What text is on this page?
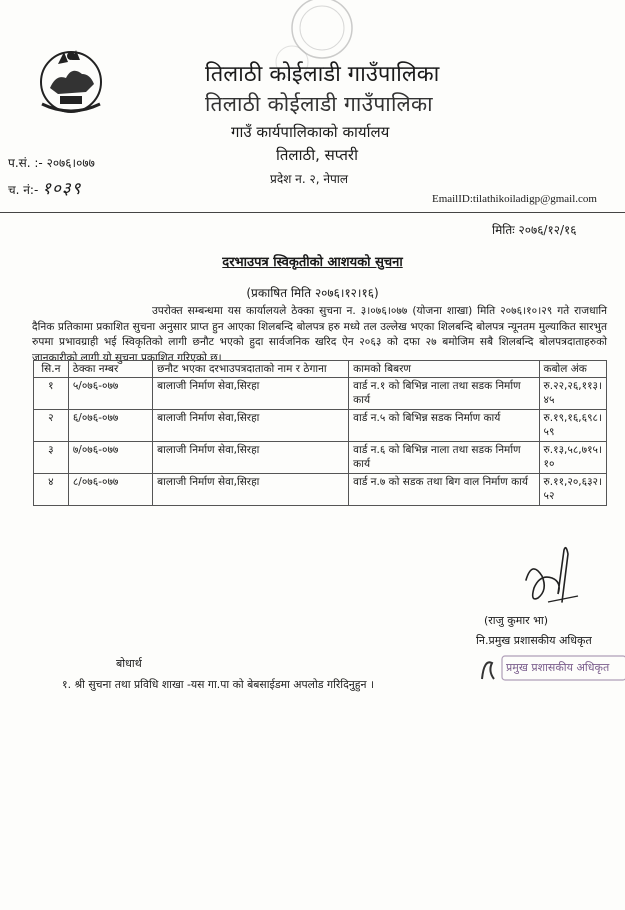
तिलाठी कोईलाडी गाउँपालिका
तिलाठी कोईलाडी गाउँपालिका
गाउँ कार्यपालिकाको कार्यालय
तिलाठी, सप्तरी
प्रदेश न. २, नेपाल
प.सं. :- २०७६।०७७
च. नं:- १०३९	EmailID:tilathikoiladigp@gmail.com
मितिः २०७६/१२/१६
दरभाउपत्र स्विकृतीको आशयको सुचना
(प्रकाषित मिति २०७६।१२।१६)
उपरोक्त सम्बन्धमा यस कार्यालयले ठेक्का सुचना न. ३।०७६।०७७ (योजना शाखा) मिति २०७६।१०।२९ गते राजधानि दैनिक प्रतिकामा प्रकाशित सुचना अनुसार प्राप्त हुन आएका शिलबन्दि बोलपत्र हरु मध्ये तल उल्लेख भएका शिलबन्दि बोलपत्र न्यूनतम मुल्याकित सारभुत रुपमा प्रभावग्राही भई स्विकृतिको लागी छनौट भएको हुदा सार्वजनिक खरिद ऐन २०६३ को दफा २७ बमोजिम सबै शिलबन्दि बोलपत्रदाताहरुको जानकारीको लागी यो सुचना प्रकाशित गरिएको छ।
सि.न	ठेक्का नम्बर	छनौट भएका दरभाउपत्रदाताको नाम र ठेगाना	कामको बिबरण	कबोल अंक
१	५/०७६-०७७	बालाजी निर्माण सेवा,सिरहा	वार्ड न.१ को बिभिन्न नाला तथा सडक निर्माण कार्य	रु.२२,२६,११३।४५
२	६/०७६-०७७	बालाजी निर्माण सेवा,सिरहा	वार्ड न.५ को बिभिन्न सडक निर्माण कार्य	रु.१९,१६,६९८।५९
३	७/०७६-०७७	बालाजी निर्माण सेवा,सिरहा	वार्ड न.६ को बिभिन्न नाला तथा सडक निर्माण कार्य	रु.१३,५८,७१५।१०
४	८/०७६-०७७	बालाजी निर्माण सेवा,सिरहा	वार्ड न.७ को सडक तथा बिग वाल निर्माण कार्य	रु.११,२०,६३२।५२
(राजु कुमार भा)
नि.प्रमुख प्रशासकीय अधिकृत
प्रमुख प्रशासकीय अधिकृत
बोधार्थ
१. श्री सुचना तथा प्रविधि शाखा -यस गा.पा को बेबसाईडमा अपलोड गरिदिनुहुन ।
